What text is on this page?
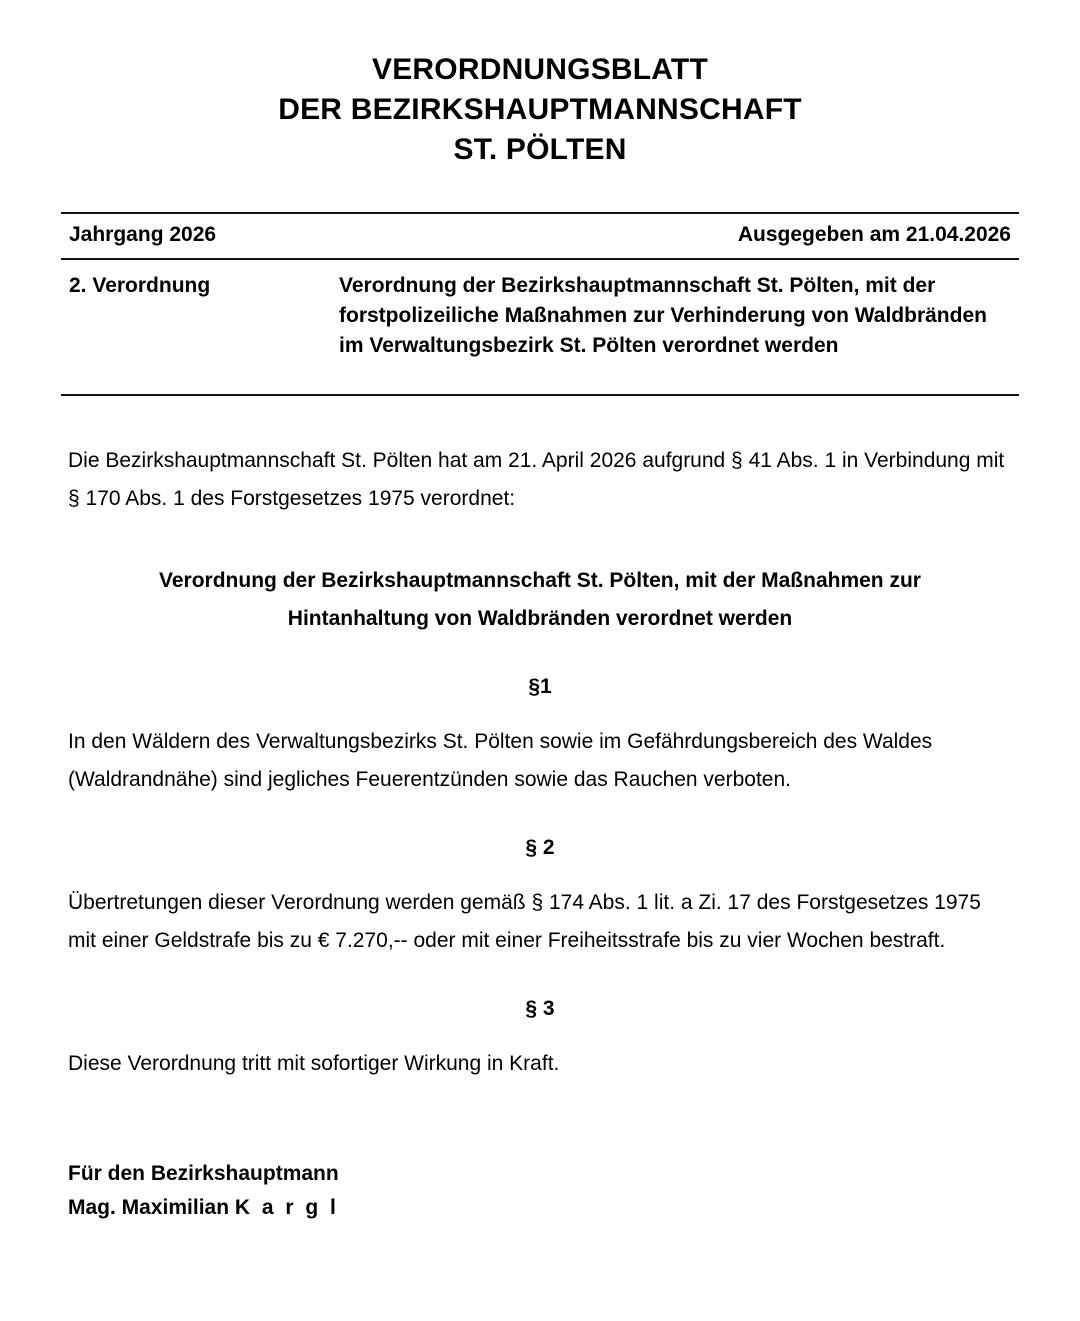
VERORDNUNGSBLATT
DER BEZIRKSHAUPTMANNSCHAFT
ST. PÖLTEN
Jahrgang 2026	Ausgegeben am 21.04.2026
2. Verordnung	Verordnung der Bezirkshauptmannschaft St. Pölten, mit der forstpolizeiliche Maßnahmen zur Verhinderung von Waldbränden im Verwaltungsbezirk St. Pölten verordnet werden

Die Bezirkshauptmannschaft St. Pölten hat am 21. April 2026 aufgrund § 41 Abs. 1 in Verbindung mit § 170 Abs. 1 des Forstgesetzes 1975 verordnet:

Verordnung der Bezirkshauptmannschaft St. Pölten, mit der Maßnahmen zur Hintanhaltung von Waldbränden verordnet werden
§1

In den Wäldern des Verwaltungsbezirks St. Pölten sowie im Gefährdungsbereich des Waldes (Waldrandnähe) sind jegliches Feuerentzünden sowie das Rauchen verboten.

§ 2

Übertretungen dieser Verordnung werden gemäß § 174 Abs. 1 lit. a Zi. 17 des Forstgesetzes 1975 mit einer Geldstrafe bis zu € 7.270,-- oder mit einer Freiheitsstrafe bis zu vier Wochen bestraft.

§ 3

Diese Verordnung tritt mit sofortiger Wirkung in Kraft.

Für den Bezirkshauptmann
Mag. Maximilian K a r g l
